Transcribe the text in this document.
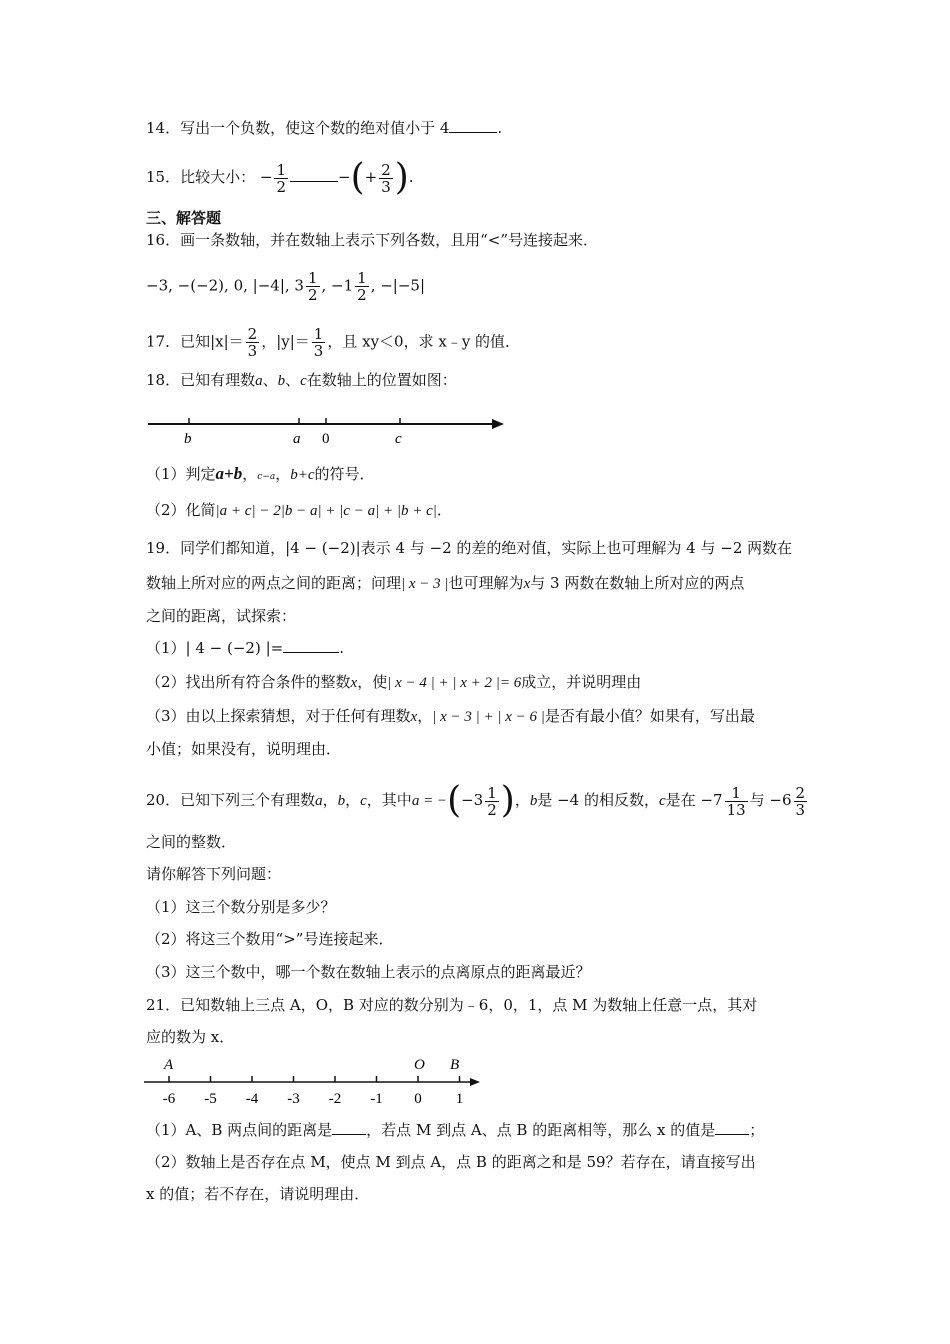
14．写出一个负数，使这个数的绝对值小于 4	.
15．比较大小： − $\frac{1}{2}$	−(+ $\frac{2}{3}$ ).
三、解答题
16．画一条数轴，并在数轴上表示下列各数，且用“<”号连接起来．
−3, −(−2), 0, |−4|, $3 \frac{1}{2}$ , $-1 \frac{1}{2}$ , −|−5|
17．已知$|x|= \frac{2}{3}$ ，$|y|= \frac{1}{3}$ ，且 xy＜0，求 x﹣y 的值．
18．已知有理数a、b、c在数轴上的位置如图：
b	a 0	c
（1）判定a+b，c−a，b+c的符号．
（2）化简|a + c| − 2|b − a| + |c − a| + |b + c|．
19．同学们都知道，|4 − (−2)|表示 4 与 −2 的差的绝对值，实际上也可理解为 4 与 −2 两数在
数轴上所对应的两点之间的距离；问理| x − 3 |也可理解为x与 3 两数在数轴上所对应的两点
之间的距离，试探索：
（1）| 4 − (−2) |=	.
（2）找出所有符合条件的整数x，使| x − 4 | + | x + 2 |= 6成立，并说明理由
（3）由以上探索猜想，对于任何有理数x，| x − 3 | + | x − 6 |是否有最小值？如果有，写出最
小值；如果没有，说明理由．
20．已知下列三个有理数a，b，c，其中$a = -(-3 \frac{1}{2}$ )，b是 −4 的相反数，c是在 $-7 \frac{1}{13}$ 与 $-6 \frac{2}{3}$
之间的整数．
请你解答下列问题：
（1）这三个数分别是多少？
（2）将这三个数用“>”号连接起来．
（3）这三个数中，哪一个数在数轴上表示的点离原点的距离最近？
21．已知数轴上三点 A，O，B 对应的数分别为﹣6，0，1，点 M 为数轴上任意一点，其对
应的数为 x．
A	O B
-6 -5 -4 -3 -2 -1 0 1
（1）A、B 两点间的距离是 ，若点 M 到点 A、点 B 的距离相等，那么 x 的值是 ；
（2）数轴上是否存在点 M，使点 M 到点 A，点 B 的距离之和是 59？若存在，请直接写出
x 的值；若不存在，请说明理由．
